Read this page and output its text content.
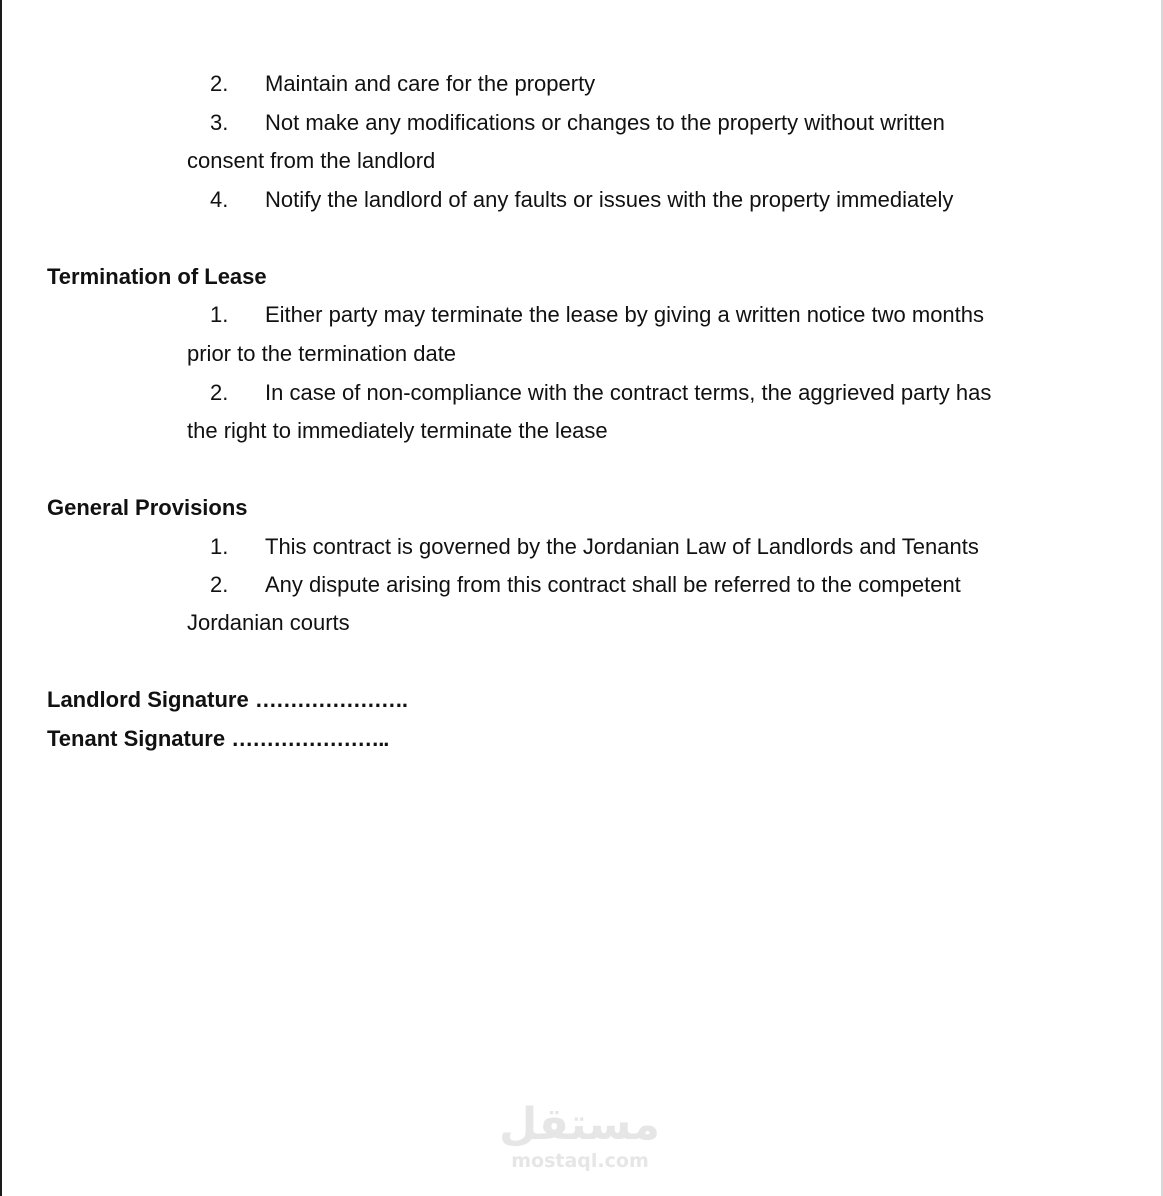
2. Maintain and care for the property
3. Not make any modifications or changes to the property without written
consent from the landlord
4. Notify the landlord of any faults or issues with the property immediately
Termination of Lease
1. Either party may terminate the lease by giving a written notice two months
prior to the termination date
2. In case of non-compliance with the contract terms, the aggrieved party has
the right to immediately terminate the lease
General Provisions
1. This contract is governed by the Jordanian Law of Landlords and Tenants
2. Any dispute arising from this contract shall be referred to the competent
Jordanian courts
Landlord Signature ………………….
Tenant Signature …………………..
مستقل
mostaql.com
